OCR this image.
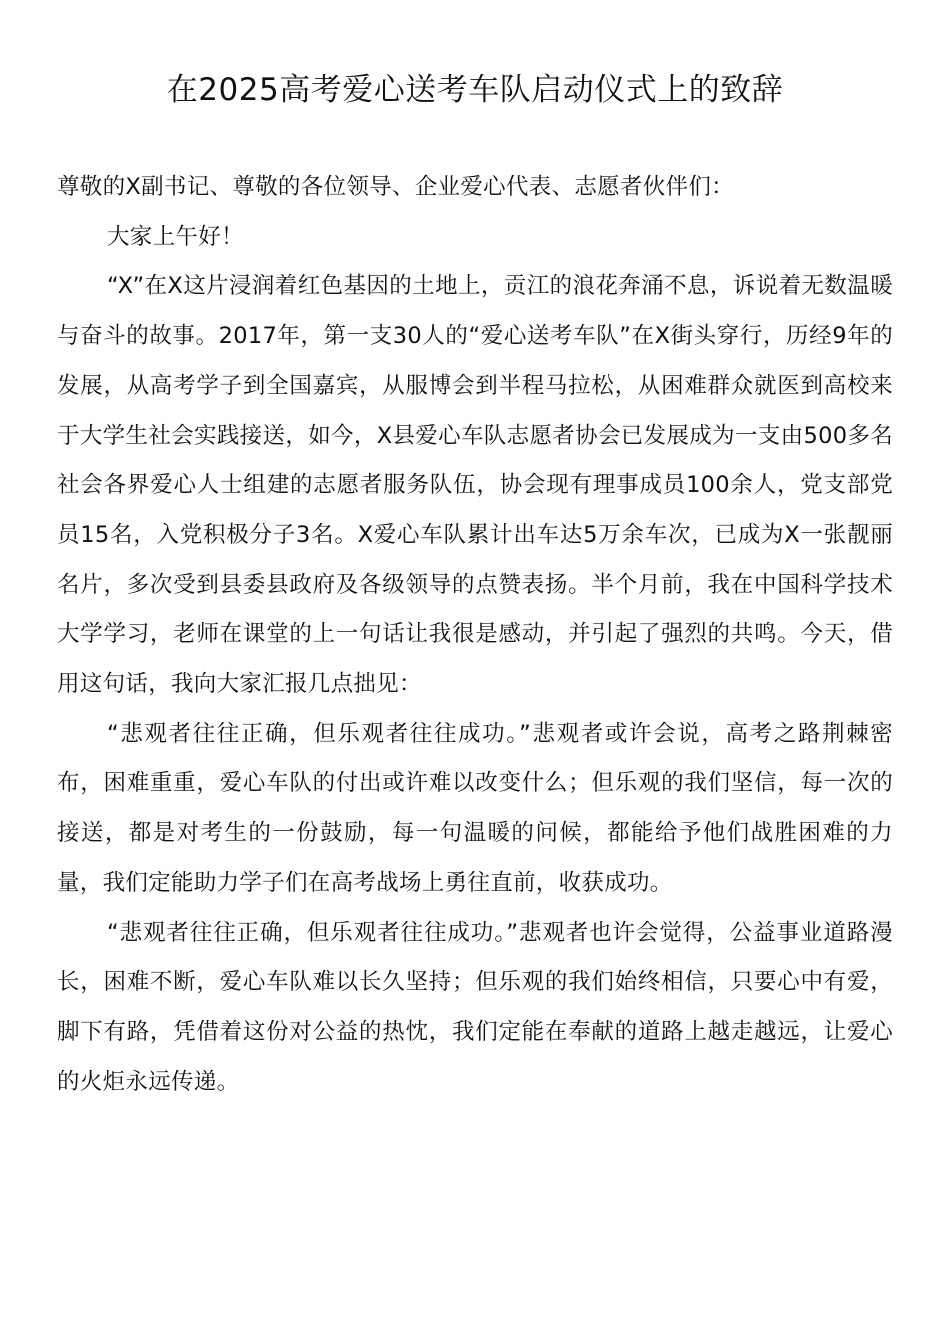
在2025高考爱心送考车队启动仪式上的致辞

尊敬的X副书记、尊敬的各位领导、企业爱心代表、志愿者伙伴们：

大家上午好！

“X”在X这片浸润着红色基因的土地上，贡江的浪花奔涌不息，诉说着无数温暖与奋斗的故事。2017年，第一支30人的“爱心送考车队”在X街头穿行，历经9年的发展，从高考学子到全国嘉宾，从服博会到半程马拉松，从困难群众就医到高校来于大学生社会实践接送，如今，X县爱心车队志愿者协会已发展成为一支由500多名社会各界爱心人士组建的志愿者服务队伍，协会现有理事成员100余人，党支部党员15名，入党积极分子3名。X爱心车队累计出车达5万余车次，已成为X一张靓丽名片，多次受到县委县政府及各级领导的点赞表扬。半个月前，我在中国科学技术大学学习，老师在课堂的上一句话让我很是感动，并引起了强烈的共鸣。今天，借用这句话，我向大家汇报几点拙见：

“悲观者往往正确，但乐观者往往成功。”悲观者或许会说，高考之路荆棘密布，困难重重，爱心车队的付出或许难以改变什么；但乐观的我们坚信，每一次的接送，都是对考生的一份鼓励，每一句温暖的问候，都能给予他们战胜困难的力量，我们定能助力学子们在高考战场上勇往直前，收获成功。

“悲观者往往正确，但乐观者往往成功。”悲观者也许会觉得，公益事业道路漫长，困难不断，爱心车队难以长久坚持；但乐观的我们始终相信，只要心中有爱，脚下有路，凭借着这份对公益的热忱，我们定能在奉献的道路上越走越远，让爱心的火炬永远传递。
